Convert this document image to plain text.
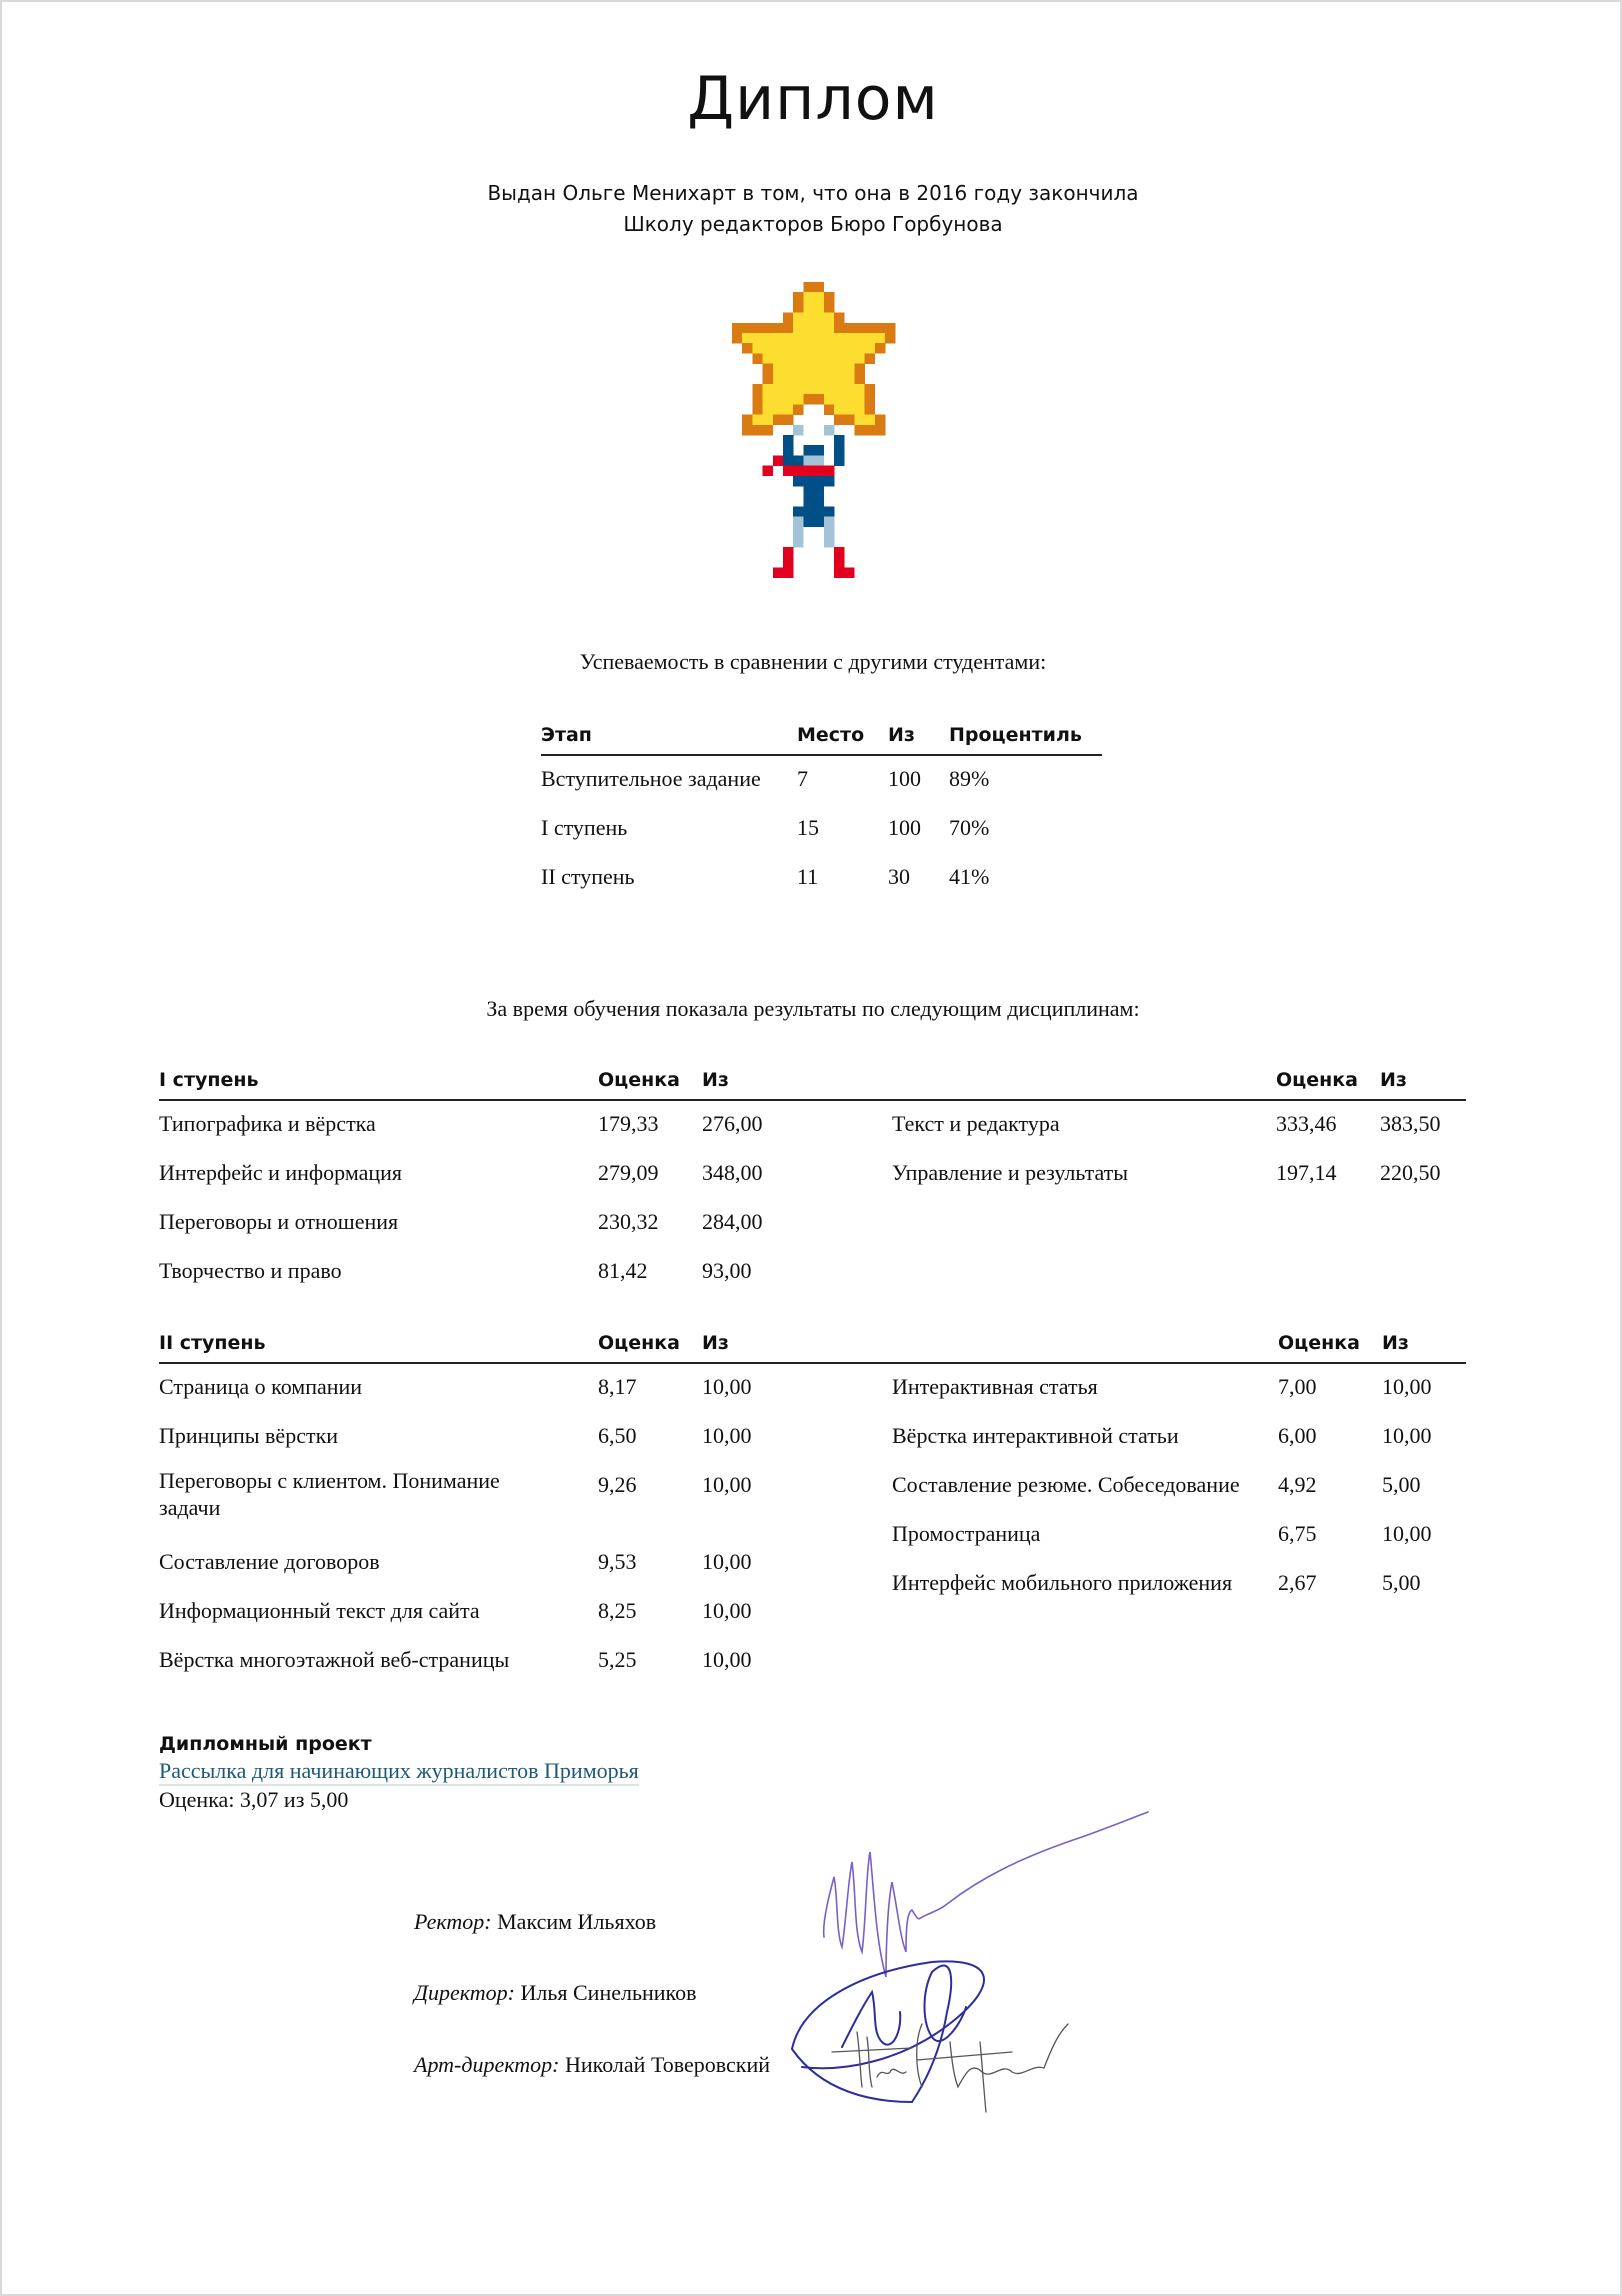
Диплом
Выдан Ольге Менихарт в том, что она в 2016 году закончила
Школу редакторов Бюро Горбунова
Успеваемость в сравнении с другими студентами:
Этап	Место Из Процентиль
Вступительное задание 7	100 89%
I ступень	15	100 70%
II ступень	11	30 41%
За время обучения показала результаты по следующим дисциплинам:
I ступень	Оценка Из	Оценка Из
Типографика и вёрстка	179,33 276,00
Интерфейс и информация	279,09 348,00
Переговоры и отношения	230,32 284,00
Творчество и право	81,42 93,00
Текст и редактура	333,46 383,50
Управление и результаты	197,14 220,50
II ступень	Оценка Из	Оценка Из
Страница о компании	8,17	10,00
Принципы вёрстки	6,50	10,00
Переговоры с клиентом. Понимание задачи
9,26	10,00
Составление договоров	9,53	10,00
Информационный текст для сайта	8,25	10,00
Вёрстка многоэтажной веб-страницы	5,25	10,00
Интерактивная статья	7,00	10,00
Вёрстка интерактивной статьи	6,00	10,00
Составление резюме. Собеседование 4,92	5,00
Промостраница	6,75	10,00
Интерфейс мобильного приложения 2,67	5,00
Дипломный проект
Рассылка для начинающих журналистов Приморья
Оценка: 3,07 из 5,00
Ректор: Максим Ильяхов
Директор: Илья Синельников
Арт-директор: Николай Товеровский
